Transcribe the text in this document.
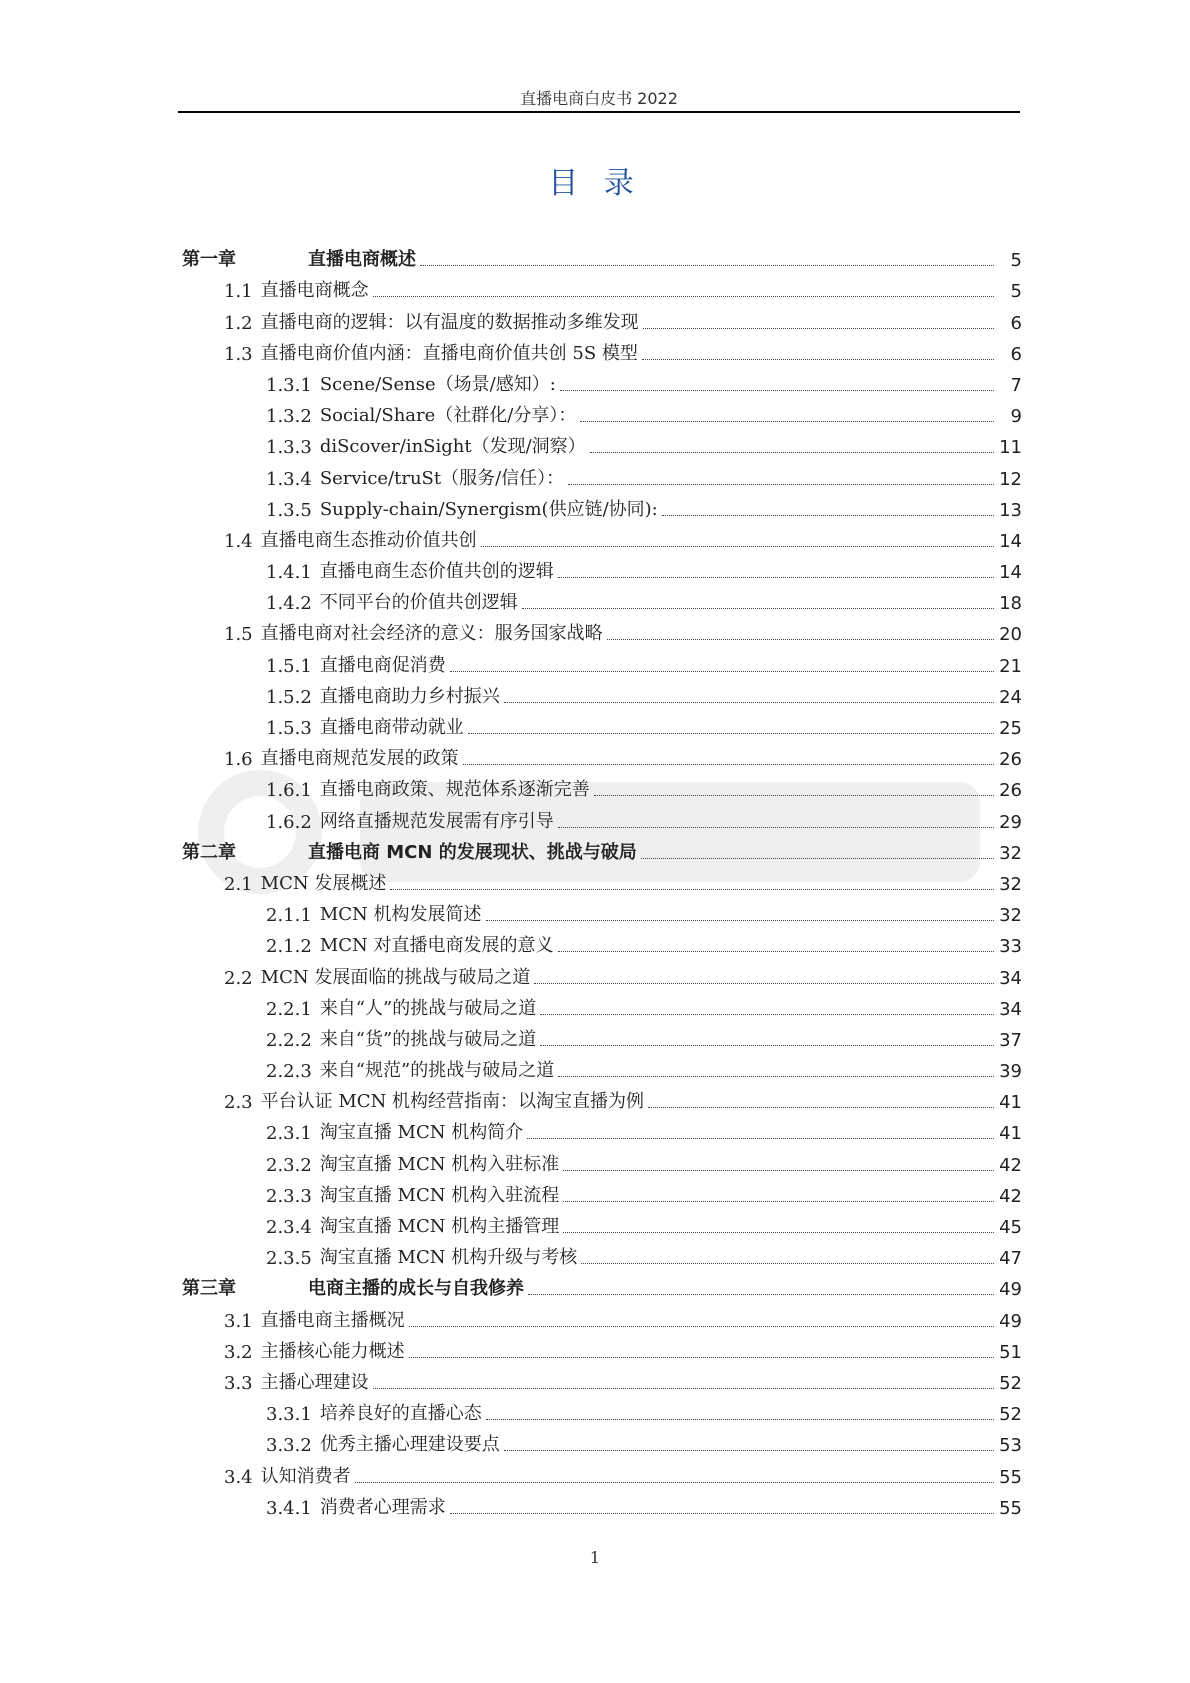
直播电商白皮书 2022
目 录
第一章	直播电商概述	5
1.1 直播电商概念	5
1.2 直播电商的逻辑：以有温度的数据推动多维发现	6
1.3 直播电商价值内涵：直播电商价值共创 5S 模型	6
1.3.1 Scene/Sense（场景/感知）:	7
1.3.2 Social/Share（社群化/分享）：	9
1.3.3 diScover/inSight（发现/洞察）	11
1.3.4 Service/truSt（服务/信任）：	12
1.3.5 Supply-chain/Synergism(供应链/协同):	13
1.4 直播电商生态推动价值共创	14
1.4.1 直播电商生态价值共创的逻辑	14
1.4.2 不同平台的价值共创逻辑	18
1.5 直播电商对社会经济的意义：服务国家战略	20
1.5.1 直播电商促消费	21
1.5.2 直播电商助力乡村振兴	24
1.5.3 直播电商带动就业	25
1.6 直播电商规范发展的政策	26
1.6.1 直播电商政策、规范体系逐渐完善	26
1.6.2 网络直播规范发展需有序引导	29
第二章	直播电商 MCN 的发展现状、挑战与破局	32
2.1 MCN 发展概述	32
2.1.1 MCN 机构发展简述	32
2.1.2 MCN 对直播电商发展的意义	33
2.2 MCN 发展面临的挑战与破局之道	34
2.2.1 来自“人”的挑战与破局之道	34
2.2.2 来自“货”的挑战与破局之道	37
2.2.3 来自“规范”的挑战与破局之道	39
2.3 平台认证 MCN 机构经营指南：以淘宝直播为例	41
2.3.1 淘宝直播 MCN 机构简介	41
2.3.2 淘宝直播 MCN 机构入驻标准	42
2.3.3 淘宝直播 MCN 机构入驻流程	42
2.3.4 淘宝直播 MCN 机构主播管理	45
2.3.5 淘宝直播 MCN 机构升级与考核	47
第三章	电商主播的成长与自我修养	49
3.1 直播电商主播概况	49
3.2 主播核心能力概述	51
3.3 主播心理建设	52
3.3.1 培养良好的直播心态	52
3.3.2 优秀主播心理建设要点	53
3.4 认知消费者	55
3.4.1 消费者心理需求	55
1
